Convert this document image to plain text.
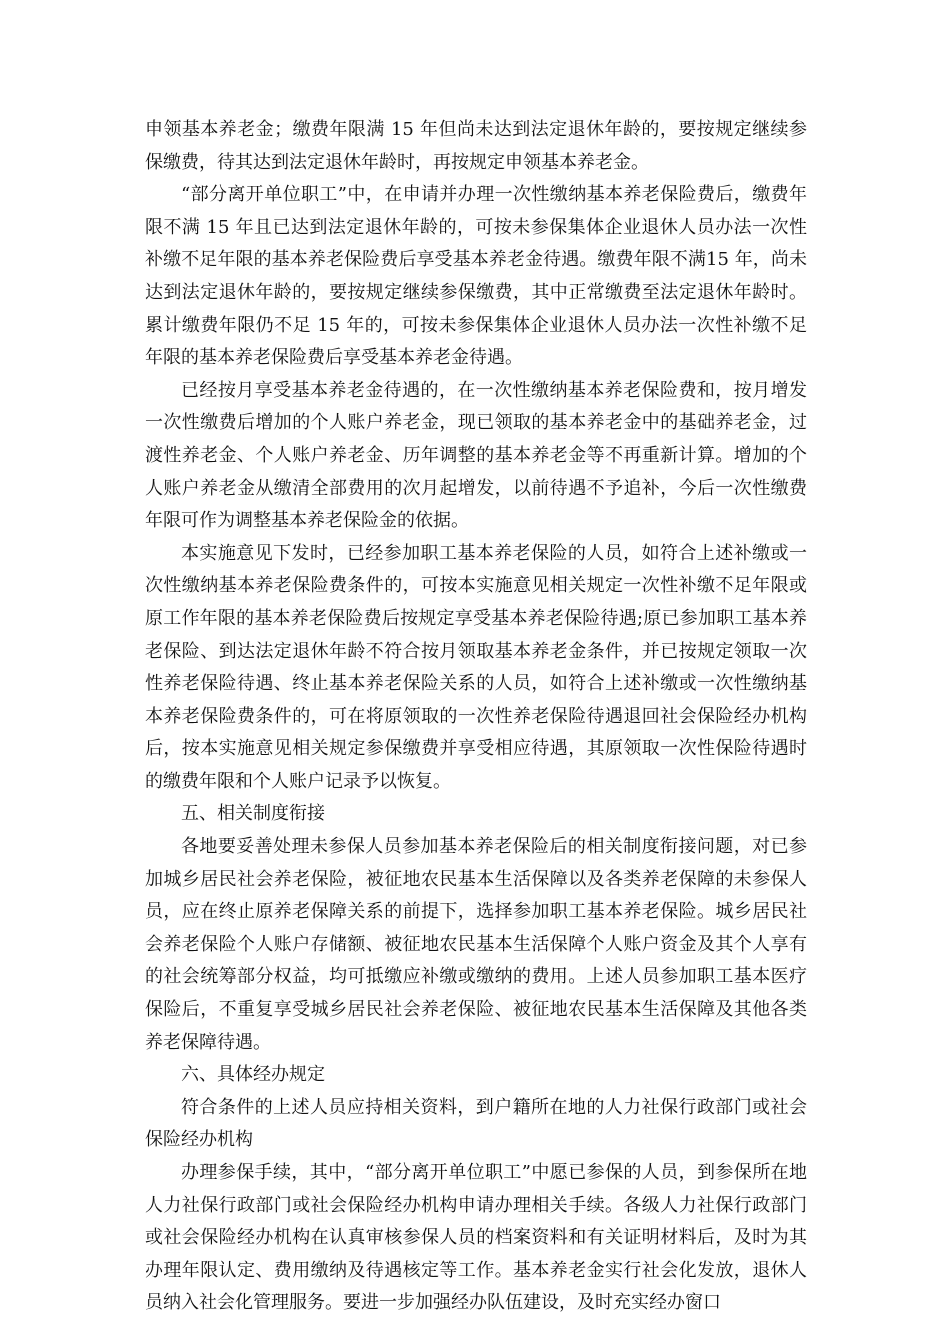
申领基本养老金；缴费年限满 15 年但尚未达到法定退休年龄的，要按规定继续参保缴费，待其达到法定退休年龄时，再按规定申领基本养老金。

“部分离开单位职工”中，在申请并办理一次性缴纳基本养老保险费后，缴费年限不满 15 年且已达到法定退休年龄的，可按未参保集体企业退休人员办法一次性补缴不足年限的基本养老保险费后享受基本养老金待遇。缴费年限不满15 年，尚未达到法定退休年龄的，要按规定继续参保缴费，其中正常缴费至法定退休年龄时。累计缴费年限仍不足 15 年的，可按未参保集体企业退休人员办法一次性补缴不足年限的基本养老保险费后享受基本养老金待遇。

已经按月享受基本养老金待遇的，在一次性缴纳基本养老保险费和，按月增发一次性缴费后增加的个人账户养老金，现已领取的基本养老金中的基础养老金，过渡性养老金、个人账户养老金、历年调整的基本养老金等不再重新计算。增加的个人账户养老金从缴清全部费用的次月起增发，以前待遇不予追补，今后一次性缴费年限可作为调整基本养老保险金的依据。

本实施意见下发时，已经参加职工基本养老保险的人员，如符合上述补缴或一次性缴纳基本养老保险费条件的，可按本实施意见相关规定一次性补缴不足年限或原工作年限的基本养老保险费后按规定享受基本养老保险待遇;原已参加职工基本养老保险、到达法定退休年龄不符合按月领取基本养老金条件，并已按规定领取一次性养老保险待遇、终止基本养老保险关系的人员，如符合上述补缴或一次性缴纳基本养老保险费条件的，可在将原领取的一次性养老保险待遇退回社会保险经办机构后，按本实施意见相关规定参保缴费并享受相应待遇，其原领取一次性保险待遇时的缴费年限和个人账户记录予以恢复。

五、相关制度衔接

各地要妥善处理未参保人员参加基本养老保险后的相关制度衔接问题，对已参加城乡居民社会养老保险，被征地农民基本生活保障以及各类养老保障的未参保人员，应在终止原养老保障关系的前提下，选择参加职工基本养老保险。城乡居民社会养老保险个人账户存储额、被征地农民基本生活保障个人账户资金及其个人享有的社会统筹部分权益，均可抵缴应补缴或缴纳的费用。上述人员参加职工基本医疗保险后，不重复享受城乡居民社会养老保险、被征地农民基本生活保障及其他各类养老保障待遇。

六、具体经办规定

符合条件的上述人员应持相关资料，到户籍所在地的人力社保行政部门或社会保险经办机构

办理参保手续，其中，“部分离开单位职工”中愿已参保的人员，到参保所在地人力社保行政部门或社会保险经办机构申请办理相关手续。各级人力社保行政部门或社会保险经办机构在认真审核参保人员的档案资料和有关证明材料后，及时为其办理年限认定、费用缴纳及待遇核定等工作。基本养老金实行社会化发放，退休人员纳入社会化管理服务。要进一步加强经办队伍建设，及时充实经办窗口
